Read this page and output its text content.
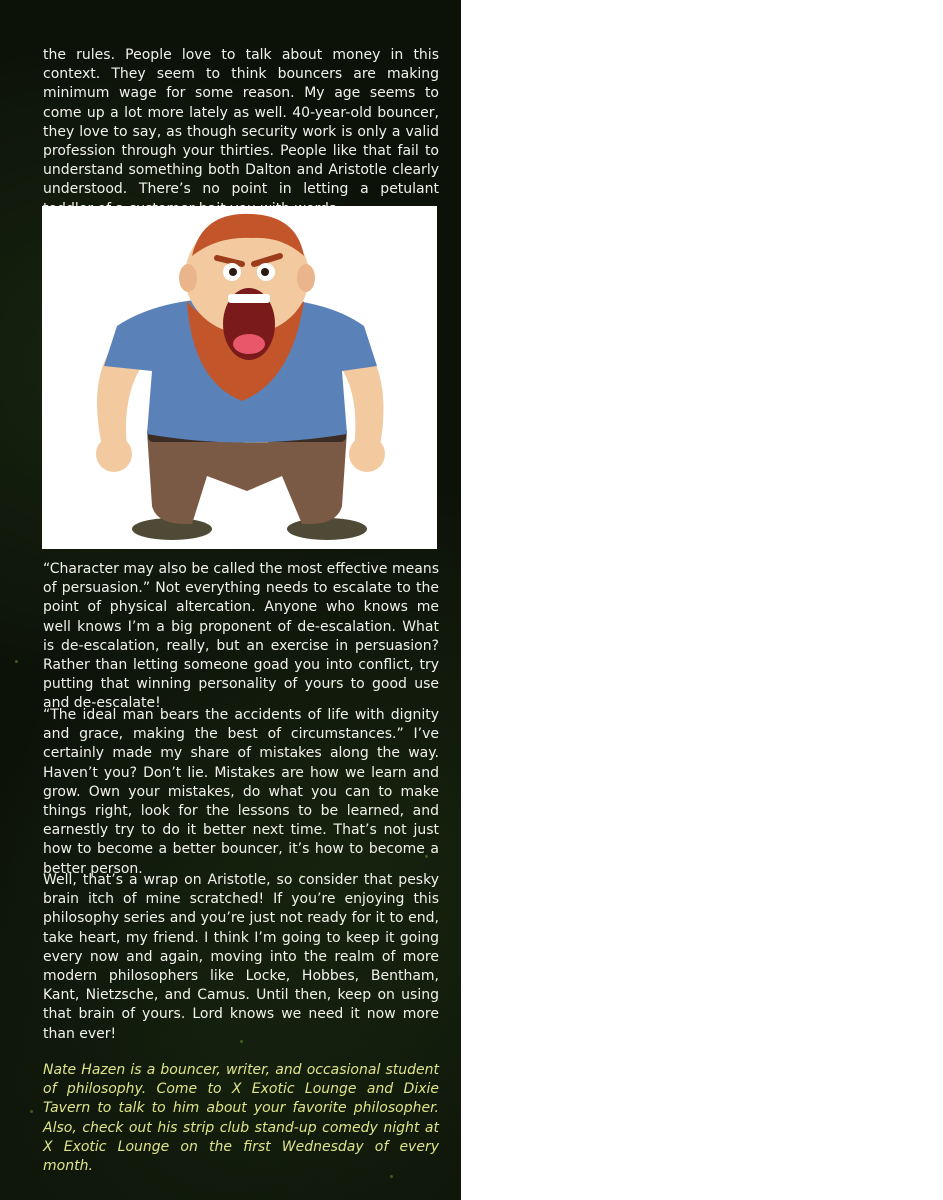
the rules. People love to talk about money in this context. They seem to think bouncers are making minimum wage for some reason. My age seems to come up a lot more lately as well. 40-year-old bouncer, they love to say, as though security work is only a valid profession through your thirties. People like that fail to understand something both Dalton and Aristotle clearly understood. There’s no point in letting a petulant

“Character may also be called the most effective means of persuasion.” Not everything needs to escalate to the point of physical altercation. Anyone who knows me well knows I’m a big proponent of de-escalation. What is de-escalation, really, but an exercise in persuasion? Rather than letting someone goad you into conflict, try putting that winning personality of yours to good use and de-escalate!

“The ideal man bears the accidents of life with dignity and grace, making the best of circumstances.” I’ve certainly made my share of mistakes along the way. Haven’t you? Don’t lie. Mistakes are how we learn and grow. Own your mistakes, do what you can to make things right, look for the lessons to be learned, and earnestly try to do it better next time. That’s not just how to become a better bouncer, it’s how to become a better person.

Well, that’s a wrap on Aristotle, so consider that pesky brain itch of mine scratched! If you’re enjoying this philosophy series and you’re just not ready for it to end, take heart, my friend. I think I’m going to keep it going every now and again, moving into the realm of more modern philosophers like Locke, Hobbes, Bentham, Kant, Nietzsche, and Camus. Until then, keep on using that brain of yours. Lord knows we need it now more than ever!

Nate Hazen is a bouncer, writer, and occasional student of philosophy. Come to X Exotic Lounge and Dixie Tavern to talk to him about your favorite philosopher. Also, check out his strip club stand-up comedy night at X Exotic Lounge on the first Wednesday of every month.
